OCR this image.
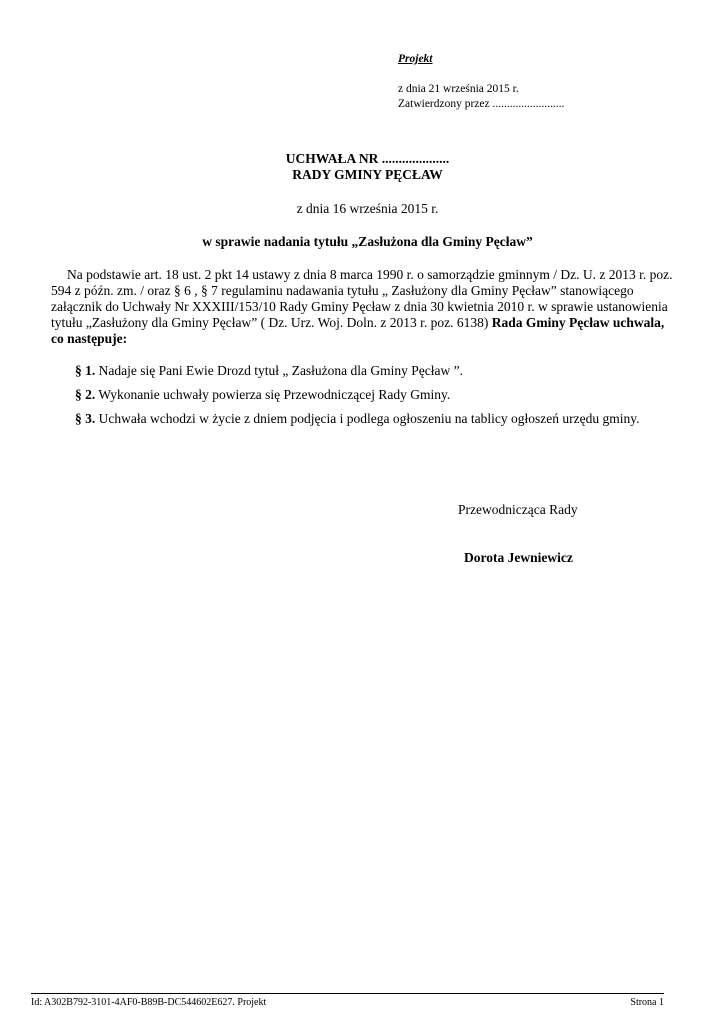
Projekt
z dnia 21 września 2015 r.
Zatwierdzony przez .........................
UCHWAŁA NR ....................
RADY GMINY PĘCŁAW
z dnia 16 września 2015 r.
w sprawie nadania tytułu „Zasłużona dla Gminy Pęcław”
Na podstawie art. 18 ust. 2 pkt 14 ustawy z dnia 8 marca 1990 r. o samorządzie gminnym / Dz. U. z 2013 r. poz.
594 z późn. zm. / oraz § 6 , § 7 regulaminu nadawania tytułu „ Zasłużony dla Gminy Pęcław” stanowiącego
załącznik do Uchwały Nr XXXIII/153/10 Rady Gminy Pęcław z dnia 30 kwietnia 2010 r. w sprawie ustanowienia
tytułu „Zasłużony dla Gminy Pęcław” ( Dz. Urz. Woj. Doln. z 2013 r. poz. 6138) Rada Gminy Pęcław uchwala,
co następuje:
§ 1. Nadaje się Pani Ewie Drozd tytuł „ Zasłużona dla Gminy Pęcław ”.
§ 2. Wykonanie uchwały powierza się Przewodniczącej Rady Gminy.
§ 3. Uchwała wchodzi w życie z dniem podjęcia i podlega ogłoszeniu na tablicy ogłoszeń urzędu gminy.
Przewodnicząca Rady
Dorota Jewniewicz
Id: A302B792-3101-4AF0-B89B-DC544602E627. Projekt	Strona 1
